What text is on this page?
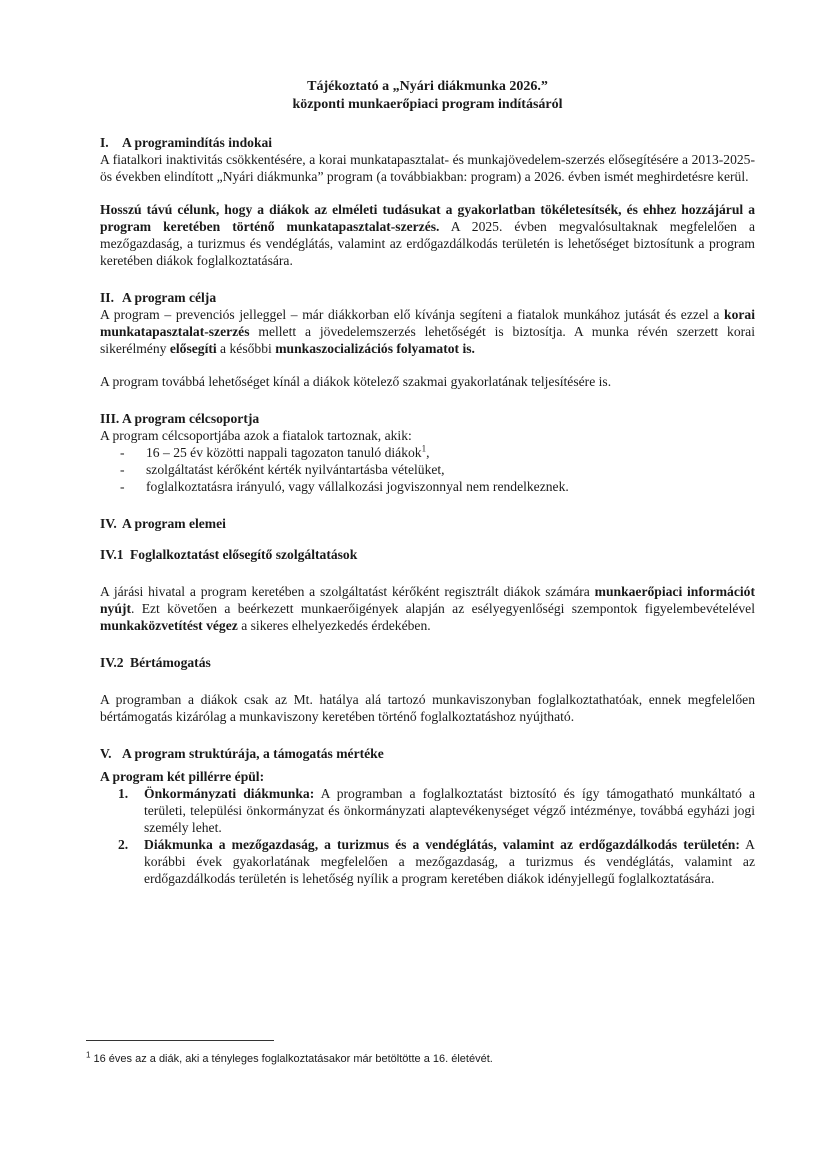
Tájékoztató a „Nyári diákmunka 2026.”
központi munkaerőpiaci program indításáról
I. A programindítás indokai

A fiatalkori inaktivitás csökkentésére, a korai munkatapasztalat- és munkajövedelem-szerzés elősegítésére a 2013-2025-ös években elindított „Nyári diákmunka” program (a továbbiakban: program) a 2026. évben ismét meghirdetésre kerül.

Hosszú távú célunk, hogy a diákok az elméleti tudásukat a gyakorlatban tökéletesítsék, és ehhez hozzájárul a program keretében történő munkatapasztalat-szerzés. A 2025. évben megvalósultaknak megfelelően a mezőgazdaság, a turizmus és vendéglátás, valamint az erdőgazdálkodás területén is lehetőséget biztosítunk a program keretében diákok foglalkoztatására.

II. A program célja

A program – prevenciós jelleggel – már diákkorban elő kívánja segíteni a fiatalok munkához jutását és ezzel a korai munkatapasztalat-szerzés mellett a jövedelemszerzés lehetőségét is biztosítja. A munka révén szerzett korai sikerélmény elősegíti a későbbi munkaszocializációs folyamatot is.

A program továbbá lehetőséget kínál a diákok kötelező szakmai gyakorlatának teljesítésére is.

III. A program célcsoportja

A program célcsoportjába azok a fiatalok tartoznak, akik:

- 16 – 25 év közötti nappali tagozaton tanuló diákok$^1$,
- szolgáltatást kérőként kérték nyilvántartásba vételüket,
- foglalkoztatásra irányuló, vagy vállalkozási jogviszonnyal nem rendelkeznek.
IV. A program elemei
IV.1 Foglalkoztatást elősegítő szolgáltatások

A járási hivatal a program keretében a szolgáltatást kérőként regisztrált diákok számára munkaerőpiaci információt nyújt. Ezt követően a beérkezett munkaerőigények alapján az esélyegyenlőségi szempontok figyelembevételével munkaközvetítést végez a sikeres elhelyezkedés érdekében.

IV.2 Bértámogatás

A programban a diákok csak az Mt. hatálya alá tartozó munkaviszonyban foglalkoztathatóak, ennek megfelelően bértámogatás kizárólag a munkaviszony keretében történő foglalkoztatáshoz nyújtható.

V. A program struktúrája, a támogatás mértéke
A program két pillérre épül:
1. Önkormányzati diákmunka: A programban a foglalkoztatást biztosító és így támogatható munkáltató a területi, települési önkormányzat és önkormányzati alaptevékenységet végző intézménye, továbbá egyházi jogi személy lehet.
2. Diákmunka a mezőgazdaság, a turizmus és a vendéglátás, valamint az erdőgazdálkodás területén: A korábbi évek gyakorlatának megfelelően a mezőgazdaság, a turizmus és vendéglátás, valamint az erdőgazdálkodás területén is lehetőség nyílik a program keretében diákok idényjellegű foglalkoztatására.
$^1$ 16 éves az a diák, aki a tényleges foglalkoztatásakor már betöltötte a 16. életévét.
